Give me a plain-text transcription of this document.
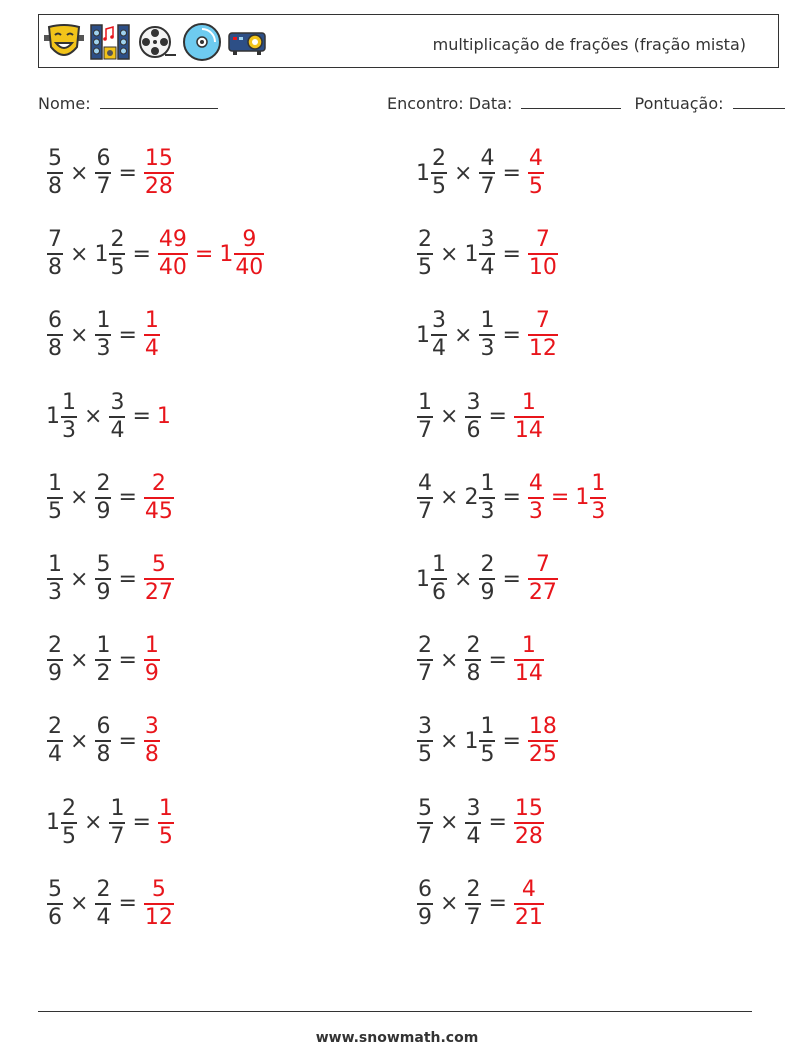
multiplicação de frações (fração mista)
Nome:	Encontro: Data:	Pontuação:
$\frac{5}{8} \times \frac{6}{7} = \frac{15}{28}$	$1 \frac{2}{5} \times \frac{4}{7} = \frac{4}{5}$
$\frac{7}{8} \times 1 \frac{2}{5} = \frac{49}{40} = 1 \frac{9}{40}$	$\frac{2}{5} \times 1 \frac{3}{4} = \frac{7}{10}$
$\frac{6}{8} \times \frac{1}{3} = \frac{1}{4}$	$1 \frac{3}{4} \times \frac{1}{3} = \frac{7}{12}$
$1 \frac{1}{3} \times \frac{3}{4} = 1$	$\frac{1}{7} \times \frac{3}{6} = \frac{1}{14}$
$\frac{1}{5} \times \frac{2}{9} = \frac{2}{45}$	$\frac{4}{7} \times 2 \frac{1}{3} = \frac{4}{3} = 1 \frac{1}{3}$
$\frac{1}{3} \times \frac{5}{9} = \frac{5}{27}$	$1 \frac{1}{6} \times \frac{2}{9} = \frac{7}{27}$
$\frac{2}{9} \times \frac{1}{2} = \frac{1}{9}$	$\frac{2}{7} \times \frac{2}{8} = \frac{1}{14}$
$\frac{2}{4} \times \frac{6}{8} = \frac{3}{8}$	$\frac{3}{5} \times 1 \frac{1}{5} = \frac{18}{25}$
$1 \frac{2}{5} \times \frac{1}{7} = \frac{1}{5}$	$\frac{5}{7} \times \frac{3}{4} = \frac{15}{28}$
$\frac{5}{6} \times \frac{2}{4} = \frac{5}{12}$	$\frac{6}{9} \times \frac{2}{7} = \frac{4}{21}$
www.snowmath.com
